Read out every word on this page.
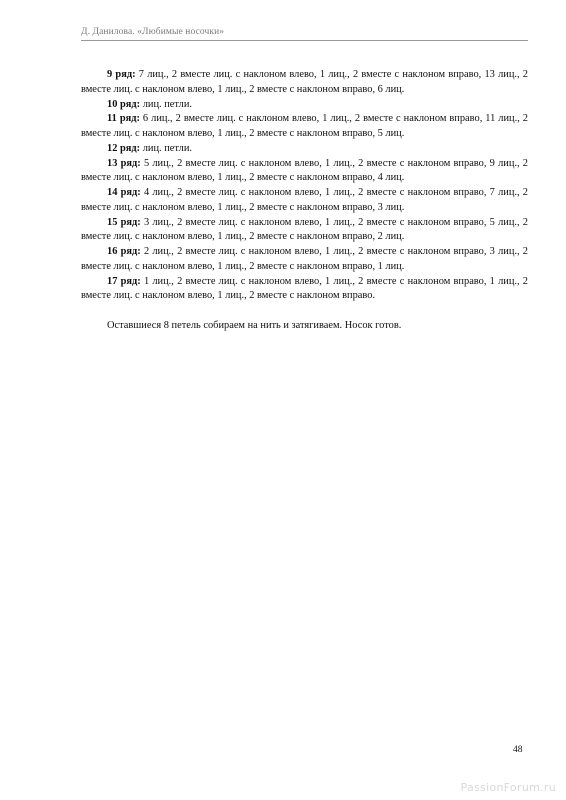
Д. Данилова. «Любимые носочки»

9 ряд: 7 лиц., 2 вместе лиц. с наклоном влево, 1 лиц., 2 вместе с наклоном вправо, 13 лиц., 2 вместе лиц. с наклоном влево, 1 лиц., 2 вместе с наклоном вправо, 6 лиц.

10 ряд: лиц. петли.

11 ряд: 6 лиц., 2 вместе лиц. с наклоном влево, 1 лиц., 2 вместе с наклоном вправо, 11 лиц., 2 вместе лиц. с наклоном влево, 1 лиц., 2 вместе с наклоном вправо, 5 лиц.

12 ряд: лиц. петли.

13 ряд: 5 лиц., 2 вместе лиц. с наклоном влево, 1 лиц., 2 вместе с наклоном вправо, 9 лиц., 2 вместе лиц. с наклоном влево, 1 лиц., 2 вместе с наклоном вправо, 4 лиц.

14 ряд: 4 лиц., 2 вместе лиц. с наклоном влево, 1 лиц., 2 вместе с наклоном вправо, 7 лиц., 2 вместе лиц. с наклоном влево, 1 лиц., 2 вместе с наклоном вправо, 3 лиц.

15 ряд: 3 лиц., 2 вместе лиц. с наклоном влево, 1 лиц., 2 вместе с наклоном вправо, 5 лиц., 2 вместе лиц. с наклоном влево, 1 лиц., 2 вместе с наклоном вправо, 2 лиц.

16 ряд: 2 лиц., 2 вместе лиц. с наклоном влево, 1 лиц., 2 вместе с наклоном вправо, 3 лиц., 2 вместе лиц. с наклоном влево, 1 лиц., 2 вместе с наклоном вправо, 1 лиц.

17 ряд: 1 лиц., 2 вместе лиц. с наклоном влево, 1 лиц., 2 вместе с наклоном вправо, 1 лиц., 2 вместе лиц. с наклоном влево, 1 лиц., 2 вместе с наклоном вправо.

Оставшиеся 8 петель собираем на нить и затягиваем. Носок готов.

48
PassionForum.ru
